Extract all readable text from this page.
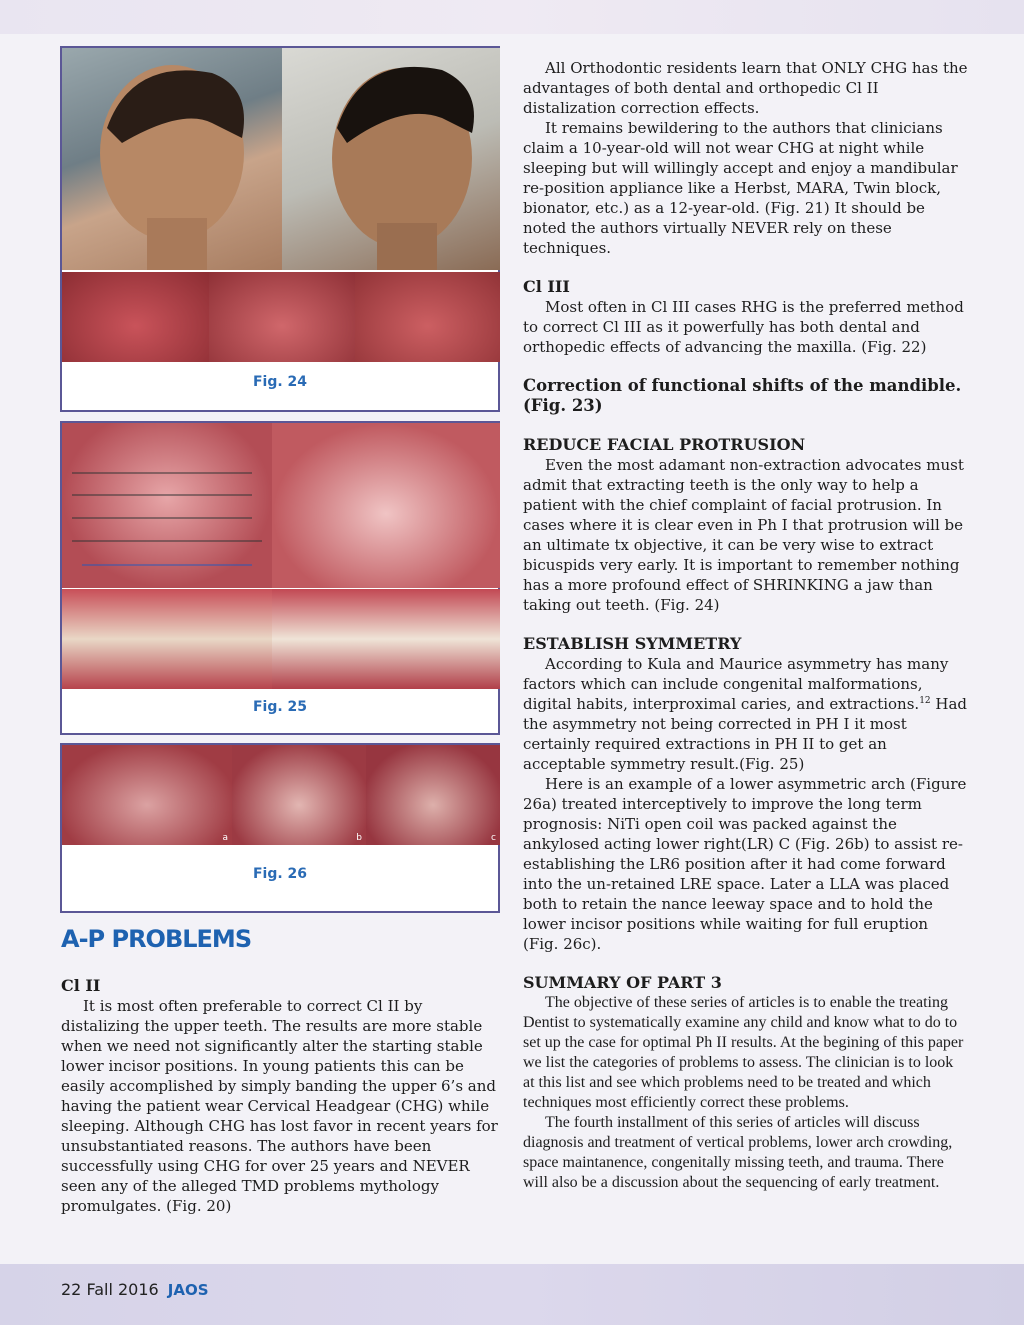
Fig. 24
Fig. 25
a	b	c
Fig. 26
A-P PROBLEMS
Cl II

It is most often preferable to correct Cl II by distalizing the upper teeth. The results are more stable when we need not significantly alter the starting stable lower incisor positions. In young patients this can be easily accomplished by simply banding the upper 6’s and having the patient wear Cervical Headgear (CHG) while sleeping. Although CHG has lost favor in recent years for unsubstantiated reasons. The authors have been successfully using CHG for over 25 years and NEVER seen any of the alleged TMD problems mythology promulgates. (Fig. 20)

All Orthodontic residents learn that ONLY CHG has the advantages of both dental and orthopedic Cl II distalization correction effects.

It remains bewildering to the authors that clinicians claim a 10-year-old will not wear CHG at night while sleeping but will willingly accept and enjoy a mandibular re-position appliance like a Herbst, MARA, Twin block, bionator, etc.) as a 12-year-old. (Fig. 21) It should be noted the authors virtually NEVER rely on these techniques.

Cl III

Most often in Cl III cases RHG is the preferred method to correct Cl III as it powerfully has both dental and orthopedic effects of advancing the maxilla. (Fig. 22)

Correction of functional shifts of the mandible. (Fig. 23)
REDUCE FACIAL PROTRUSION

Even the most adamant non-extraction advocates must admit that extracting teeth is the only way to help a patient with the chief complaint of facial protrusion. In cases where it is clear even in Ph I that protrusion will be an ultimate tx objective, it can be very wise to extract bicuspids very early. It is important to remember nothing has a more profound effect of SHRINKING a jaw than taking out teeth. (Fig. 24)

ESTABLISH SYMMETRY

According to Kula and Maurice asymmetry has many factors which can include congenital malformations, digital habits, interproximal caries, and extractions.$^{12}$ Had the asymmetry not being corrected in PH I it most certainly required extractions in PH II to get an acceptable symmetry result.(Fig. 25)

Here is an example of a lower asymmetric arch (Figure 26a) treated interceptively to improve the long term prognosis: NiTi open coil was packed against the ankylosed acting lower right(LR) C (Fig. 26b) to assist re-establishing the LR6 position after it had come forward into the un-retained LRE space. Later a LLA was placed both to retain the nance leeway space and to hold the lower incisor positions while waiting for full eruption (Fig. 26c).

SUMMARY OF PART 3

The objective of these series of articles is to enable the treating Dentist to systematically examine any child and know what to do to set up the case for optimal Ph II results. At the begining of this paper we list the categories of problems to assess. The clinician is to look at this list and see which problems need to be treated and which techniques most efficiently correct these problems.

The fourth installment of this series of articles will discuss diagnosis and treatment of vertical problems, lower arch crowding, space maintanence, congenitally missing teeth, and trauma. There will also be a discussion about the sequencing of early treatment.

22 Fall 2016 JAOS
